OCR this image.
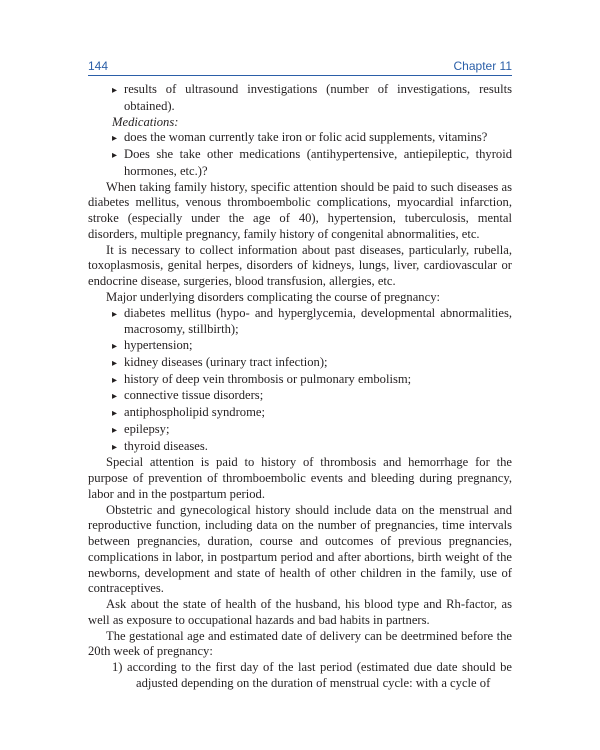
144	Chapter 11

▸ results of ultrasound investigations (number of investigations, results obtained).

Medications:

▸ does the woman currently take iron or folic acid supplements, vitamins?

▸ Does she take other medications (antihypertensive, antiepileptic, thyroid hormones, etc.)?

When taking family history, specific attention should be paid to such diseases as diabetes mellitus, venous thromboembolic complications, myocardial infarction, stroke (especially under the age of 40), hypertension, tuberculosis, mental disorders, multiple pregnancy, family history of congenital abnormalities, etc.

It is necessary to collect information about past diseases, particularly, rubella, toxoplasmosis, genital herpes, disorders of kidneys, lungs, liver, cardiovascular or endocrine disease, surgeries, blood transfusion, allergies, etc.

Major underlying disorders complicating the course of pregnancy:

▸ diabetes mellitus (hypo- and hyperglycemia, developmental abnormalities, macrosomy, stillbirth);

▸ hypertension;

▸ kidney diseases (urinary tract infection);

▸ history of deep vein thrombosis or pulmonary embolism;

▸ connective tissue disorders;

▸ antiphospholipid syndrome;

▸ epilepsy;

▸ thyroid diseases.

Special attention is paid to history of thrombosis and hemorrhage for the purpose of prevention of thromboembolic events and bleeding during pregnancy, labor and in the postpartum period.

Obstetric and gynecological history should include data on the menstrual and reproductive function, including data on the number of pregnancies, time intervals between pregnancies, duration, course and outcomes of previous pregnancies, complications in labor, in postpartum period and after abortions, birth weight of the newborns, development and state of health of other children in the family, use of contraceptives.

Ask about the state of health of the husband, his blood type and Rh-factor, as well as exposure to occupational hazards and bad habits in partners.

The gestational age and estimated date of delivery can be deetrmined before the 20th week of pregnancy:

1) according to the first day of the last period (estimated due date should be adjusted depending on the duration of menstrual cycle: with a cycle of
